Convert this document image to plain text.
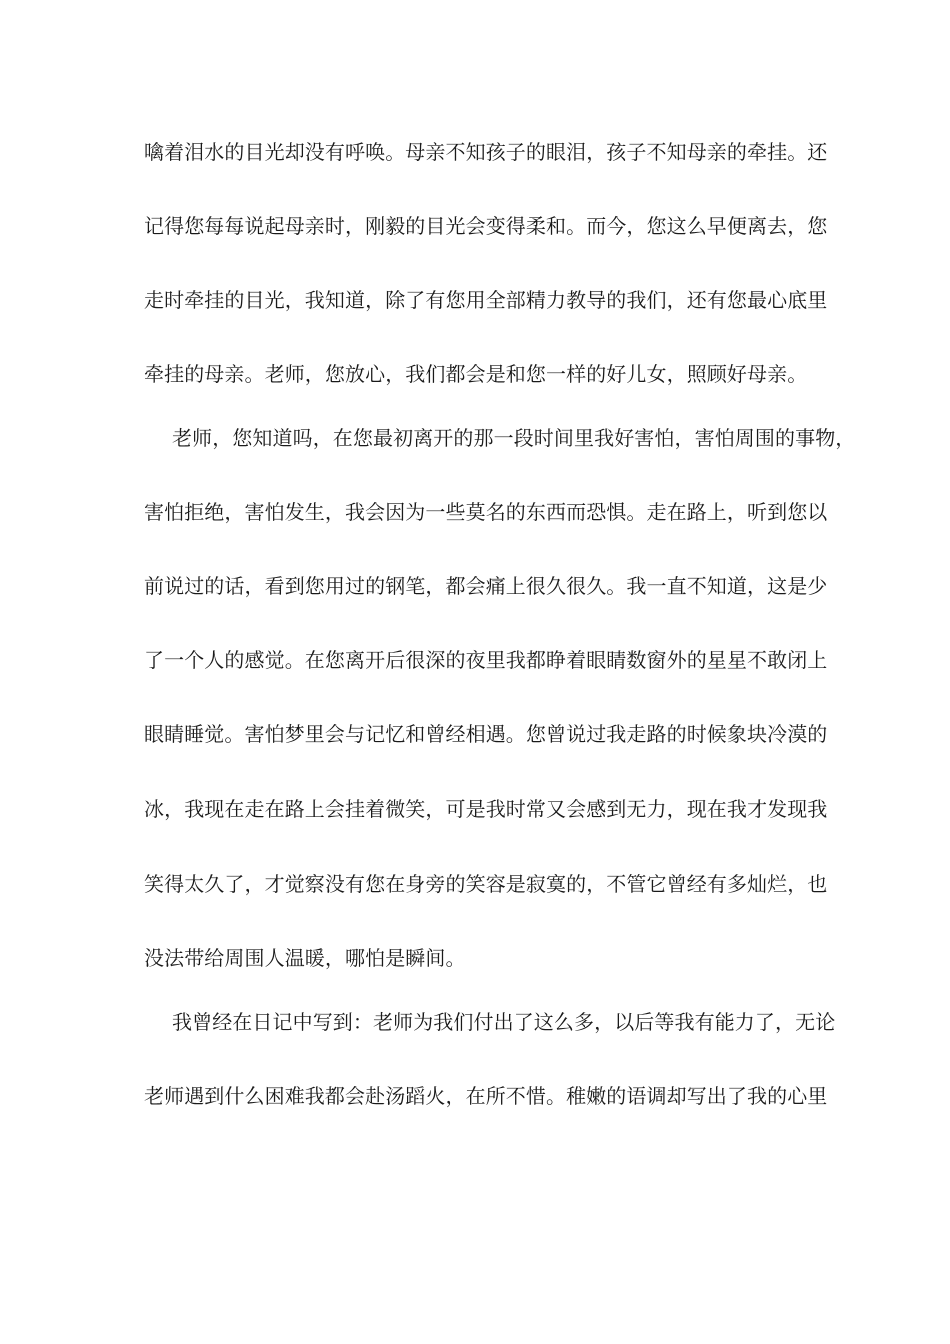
噙着泪水的目光却没有呼唤。母亲不知孩子的眼泪，孩子不知母亲的牵挂。还
记得您每每说起母亲时，刚毅的目光会变得柔和。而今，您这么早便离去，您
走时牵挂的目光，我知道，除了有您用全部精力教导的我们，还有您最心底里
牵挂的母亲。老师，您放心，我们都会是和您一样的好儿女，照顾好母亲。
老师，您知道吗，在您最初离开的那一段时间里我好害怕，害怕周围的事物，
害怕拒绝，害怕发生，我会因为一些莫名的东西而恐惧。走在路上，听到您以
前说过的话，看到您用过的钢笔，都会痛上很久很久。我一直不知道，这是少
了一个人的感觉。在您离开后很深的夜里我都睁着眼睛数窗外的星星不敢闭上
眼睛睡觉。害怕梦里会与记忆和曾经相遇。您曾说过我走路的时候象块冷漠的
冰，我现在走在路上会挂着微笑，可是我时常又会感到无力，现在我才发现我
笑得太久了，才觉察没有您在身旁的笑容是寂寞的，不管它曾经有多灿烂，也
没法带给周围人温暖，哪怕是瞬间。
我曾经在日记中写到：老师为我们付出了这么多，以后等我有能力了，无论
老师遇到什么困难我都会赴汤蹈火，在所不惜。稚嫩的语调却写出了我的心里
